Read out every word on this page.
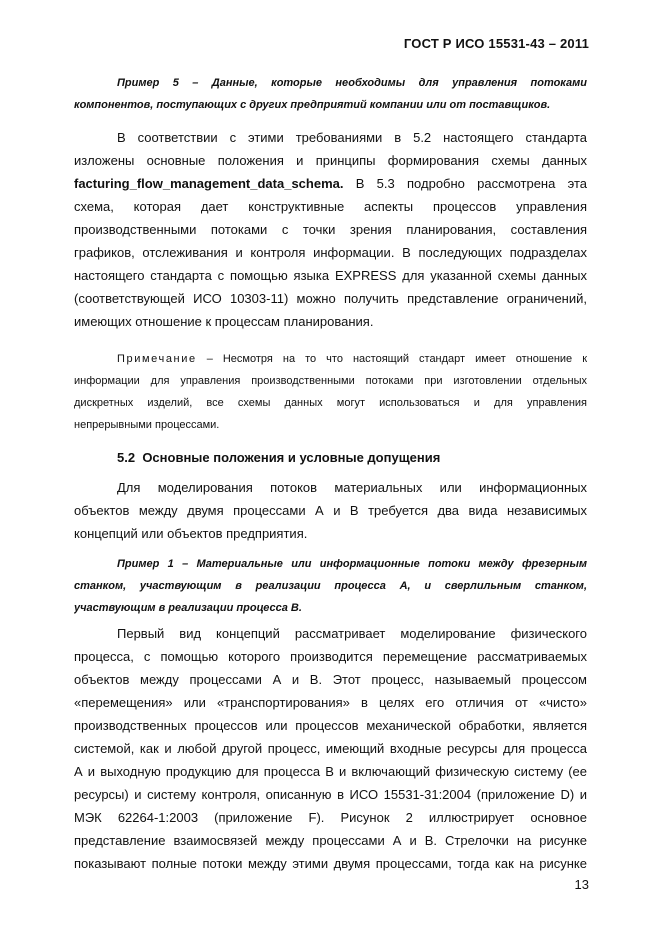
ГОСТ Р ИСО 15531-43 – 2011
Пример 5 – Данные, которые необходимы для управления потоками
компонентов, поступающих с других предприятий компании или от поставщиков.
В соответствии с этими требованиями в 5.2 настоящего стандарта
изложены основные положения и принципы формирования схемы данных
facturing_flow_management_data_schema. В 5.3 подробно рассмотрена эта
схема, которая дает конструктивные аспекты процессов управления
производственными потоками с точки зрения планирования, составления
графиков, отслеживания и контроля информации. В последующих подразделах
настоящего стандарта с помощью языка EXPRESS для указанной схемы данных
(соответствующей ИСО 10303-11) можно получить представление ограничений,
имеющих отношение к процессам планирования.
Примечание – Несмотря на то что настоящий стандарт имеет отношение к
информации для управления производственными потоками при изготовлении отдельных
дискретных изделий, все схемы данных могут использоваться и для управления
непрерывными процессами.
5.2 Основные положения и условные допущения
Для моделирования потоков материальных или информационных
объектов между двумя процессами А и В требуется два вида независимых
концепций или объектов предприятия.
Пример 1 – Материальные или информационные потоки между фрезерным
станком, участвующим в реализации процесса А, и сверлильным станком,
участвующим в реализации процесса В.
Первый вид концепций рассматривает моделирование физического
процесса, с помощью которого производится перемещение рассматриваемых
объектов между процессами А и В. Этот процесс, называемый процессом
«перемещения» или «транспортирования» в целях его отличия от «чисто»
производственных процессов или процессов механической обработки, является
системой, как и любой другой процесс, имеющий входные ресурсы для процесса
А и выходную продукцию для процесса В и включающий физическую систему (ее
ресурсы) и систему контроля, описанную в ИСО 15531-31:2004 (приложение D) и
МЭК 62264-1:2003 (приложение F). Рисунок 2 иллюстрирует основное
представление взаимосвязей между процессами А и В. Стрелочки на рисунке
показывают полные потоки между этими двумя процессами, тогда как на рисунке
13
